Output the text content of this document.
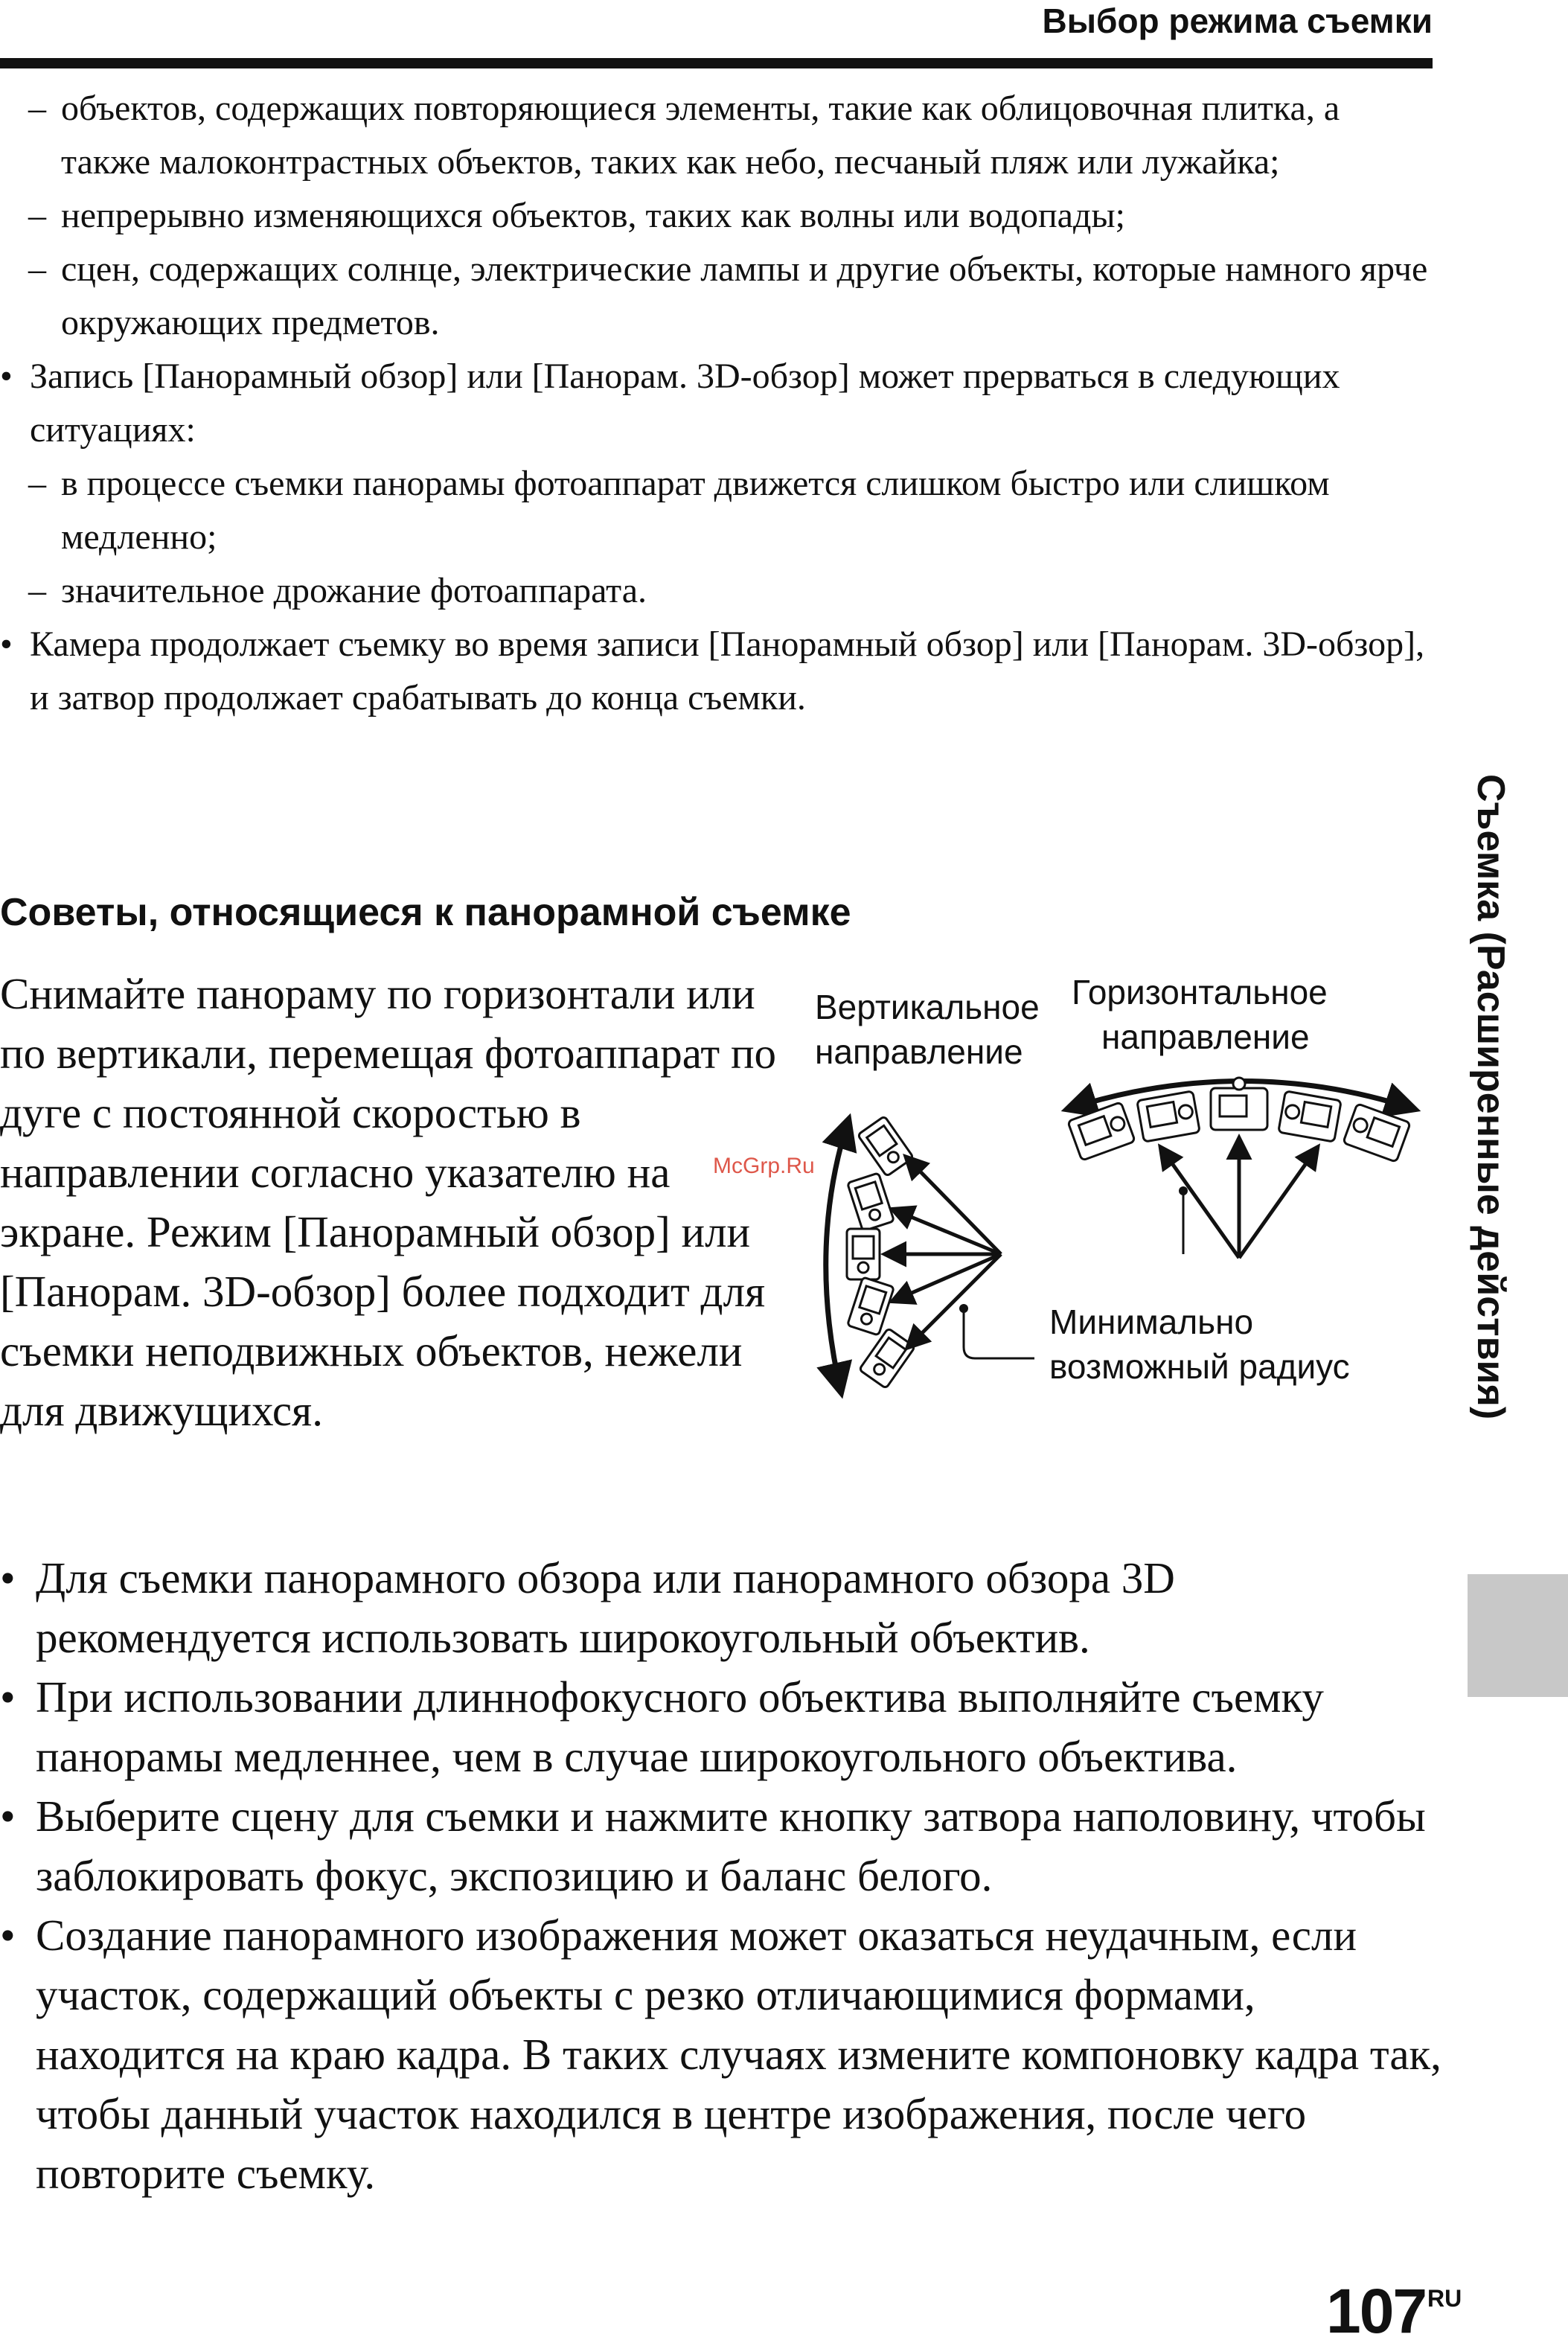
Выбор режима съемки
– объектов, содержащих повторяющиеся элементы, такие как облицовочная плитка, а также малоконтрастных объектов, таких как небо, песчаный пляж или лужайка;
– непрерывно изменяющихся объектов, таких как волны или водопады;
– сцен, содержащих солнце, электрические лампы и другие объекты, которые намного ярче окружающих предметов.
• Запись [Панорамный обзор] или [Панорам. 3D-обзор] может прерваться в следующих ситуациях:
– в процессе съемки панорамы фотоаппарат движется слишком быстро или слишком медленно;
– значительное дрожание фотоаппарата.
• Камера продолжает съемку во время записи [Панорамный обзор] или [Панорам. 3D-обзор], и затвор продолжает срабатывать до конца съемки.
Советы, относящиеся к панорамной съемке

Снимайте панораму по горизонтали или по вертикали, перемещая фотоаппарат по дуге с постоянной скоростью в направлении согласно указателю на экране. Режим [Панорамный обзор] или [Панорам. 3D-обзор] более подходит для съемки неподвижных объектов, нежели для движущихся.

Вертикальное
направление
Горизонтальное
направление
Минимально
возможный радиус
McGrp.Ru
• Для съемки панорамного обзора или панорамного обзора 3D рекомендуется использовать широкоугольный объектив.
• При использовании длиннофокусного объектива выполняйте съемку панорамы медленнее, чем в случае широкоугольного объектива.
• Выберите сцену для съемки и нажмите кнопку затвора наполовину, чтобы заблокировать фокус, экспозицию и баланс белого.
• Создание панорамного изображения может оказаться неудачным, если участок, содержащий объекты с резко отличающимися формами, находится на краю кадра. В таких случаях измените компоновку кадра так, чтобы данный участок находился в центре изображения, после чего повторите съемку.
Съемка (Расширенные действия)
107 RU
